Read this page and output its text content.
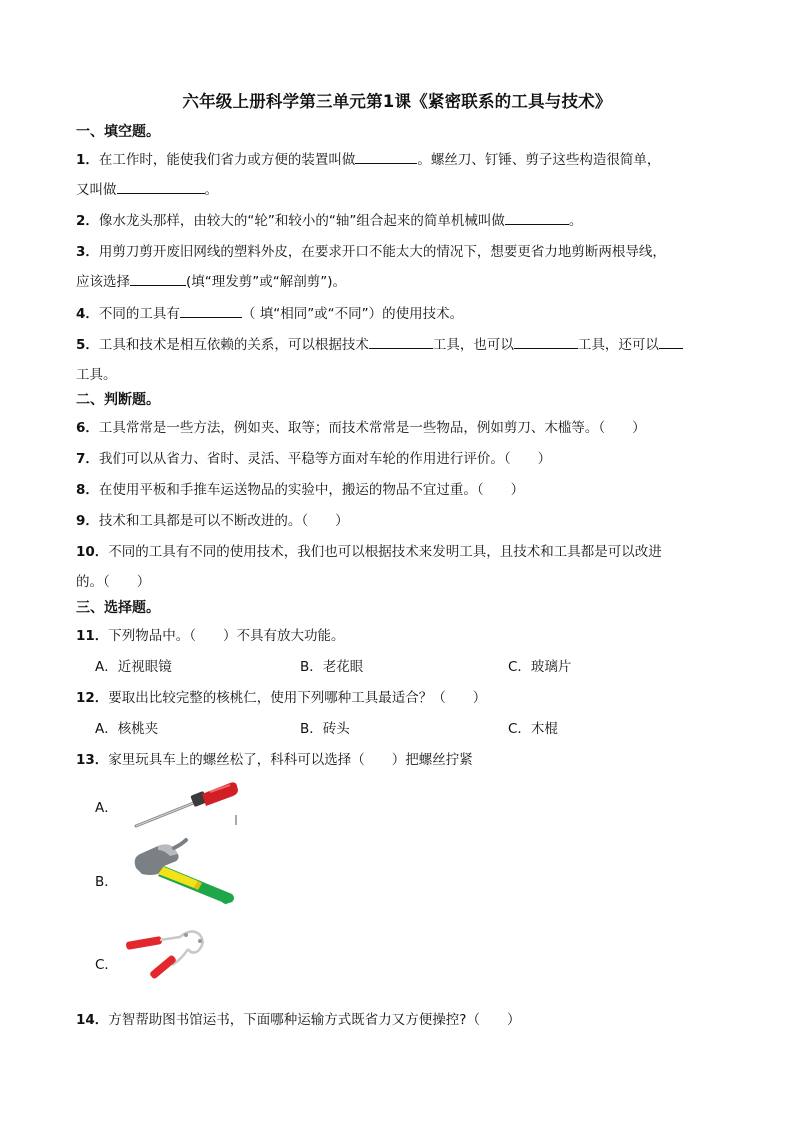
六年级上册科学第三单元第1课《紧密联系的工具与技术》
一、填空题。
1．在工作时，能使我们省力或方便的装置叫做	。螺丝刀、钉锤、剪子这些构造很简单，
又叫做	。
2．像水龙头那样，由较大的“轮”和较小的“轴”组合起来的简单机械叫做	。
3．用剪刀剪开废旧网线的塑料外皮，在要求开口不能太大的情况下，想要更省力地剪断两根导线，
应该选择	(填“理发剪”或“解剖剪”)。
4．不同的工具有	（ 填“相同”或“不同”）的使用技术。
5．工具和技术是相互依赖的关系，可以根据技术	工具，也可以	工具，还可以
工具。
二、判断题。
6．工具常常是一些方法，例如夹、取等；而技术常常是一些物品，例如剪刀、木槛等。（　　）
7．我们可以从省力、省时、灵活、平稳等方面对车轮的作用进行评价。（　　）
8．在使用平板和手推车运送物品的实验中，搬运的物品不宜过重。（　　）
9．技术和工具都是可以不断改进的。（　　）
10．不同的工具有不同的使用技术，我们也可以根据技术来发明工具，且技术和工具都是可以改进
的。（　　）
三、选择题。
11．下列物品中。（　　）不具有放大功能。
A．近视眼镜	B．老花眼	C．玻璃片
12．要取出比较完整的核桃仁，使用下列哪种工具最适合？（　　）
A．核桃夹	B．砖头	C．木棍
13．家里玩具车上的螺丝松了，科科可以选择（　　）把螺丝拧紧
A．
B．
C．
14．方智帮助图书馆运书，下面哪种运输方式既省力又方便操控?（　　）
